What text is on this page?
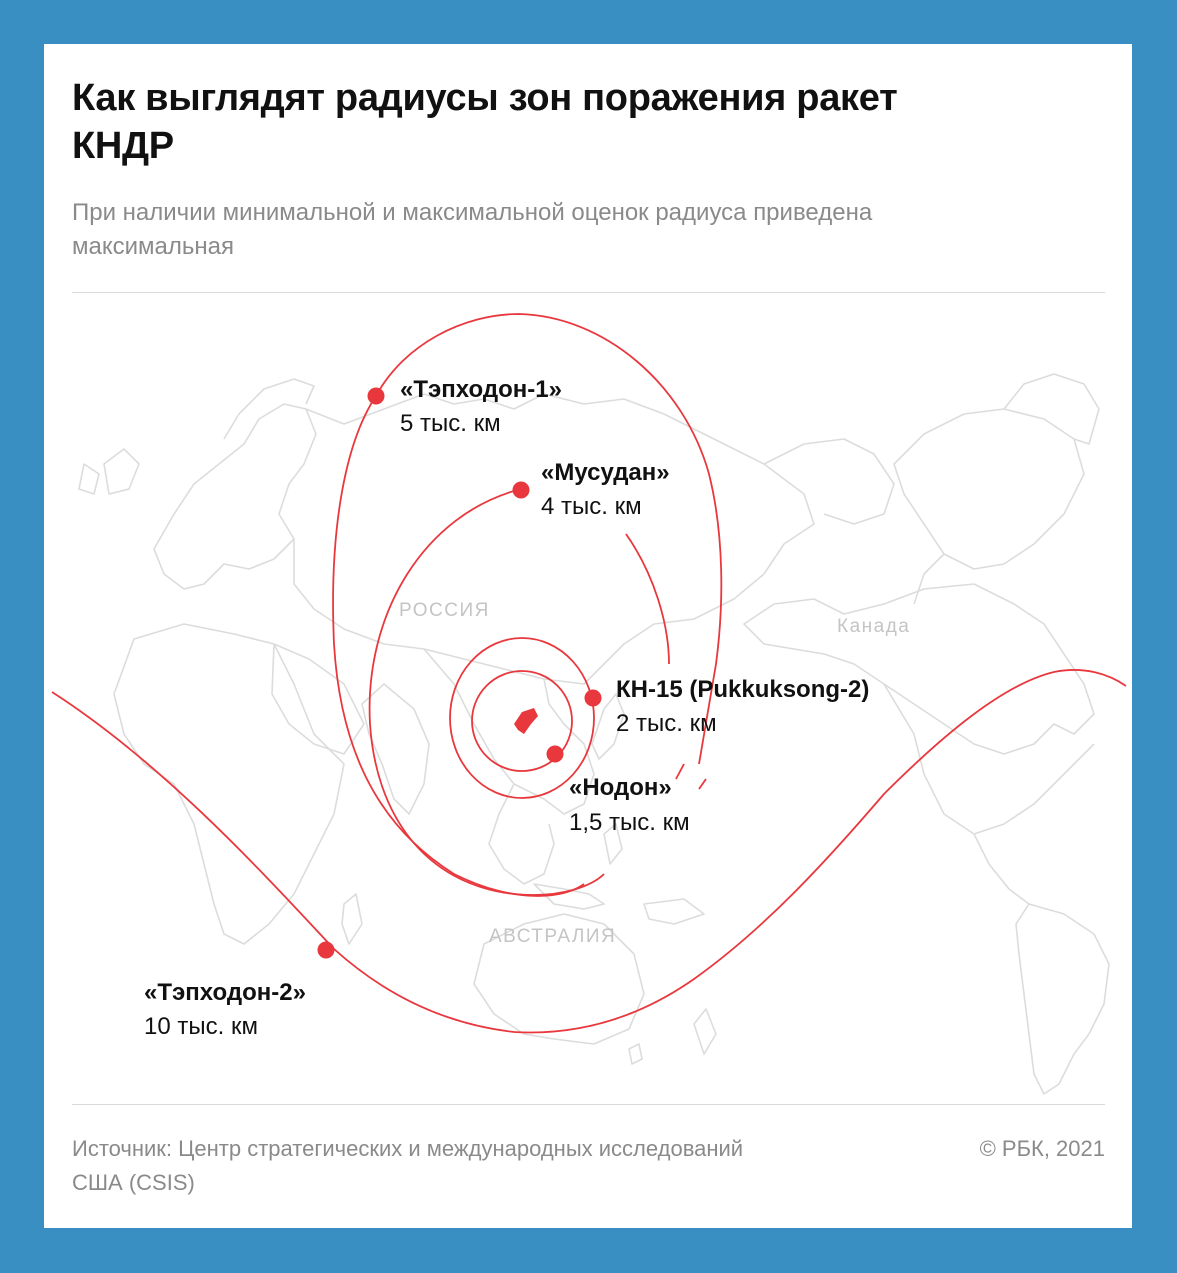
Как выглядят радиусы зон поражения ракет КНДР

При наличии минимальной и максимальной оценок радиуса приведена максимальная

РОССИЯ
Канада
АВСТРАЛИЯ
«Тэпходон-1»
5 тыс. км
«Мусудан»
4 тыс. км
КН-15 (Pukkuksong-2)
2 тыс. км
«Нодон»
1,5 тыс. км
«Тэпходон-2»
10 тыс. км

Источник: Центр стратегических и международных исследований США (CSIS)

© РБК, 2021
